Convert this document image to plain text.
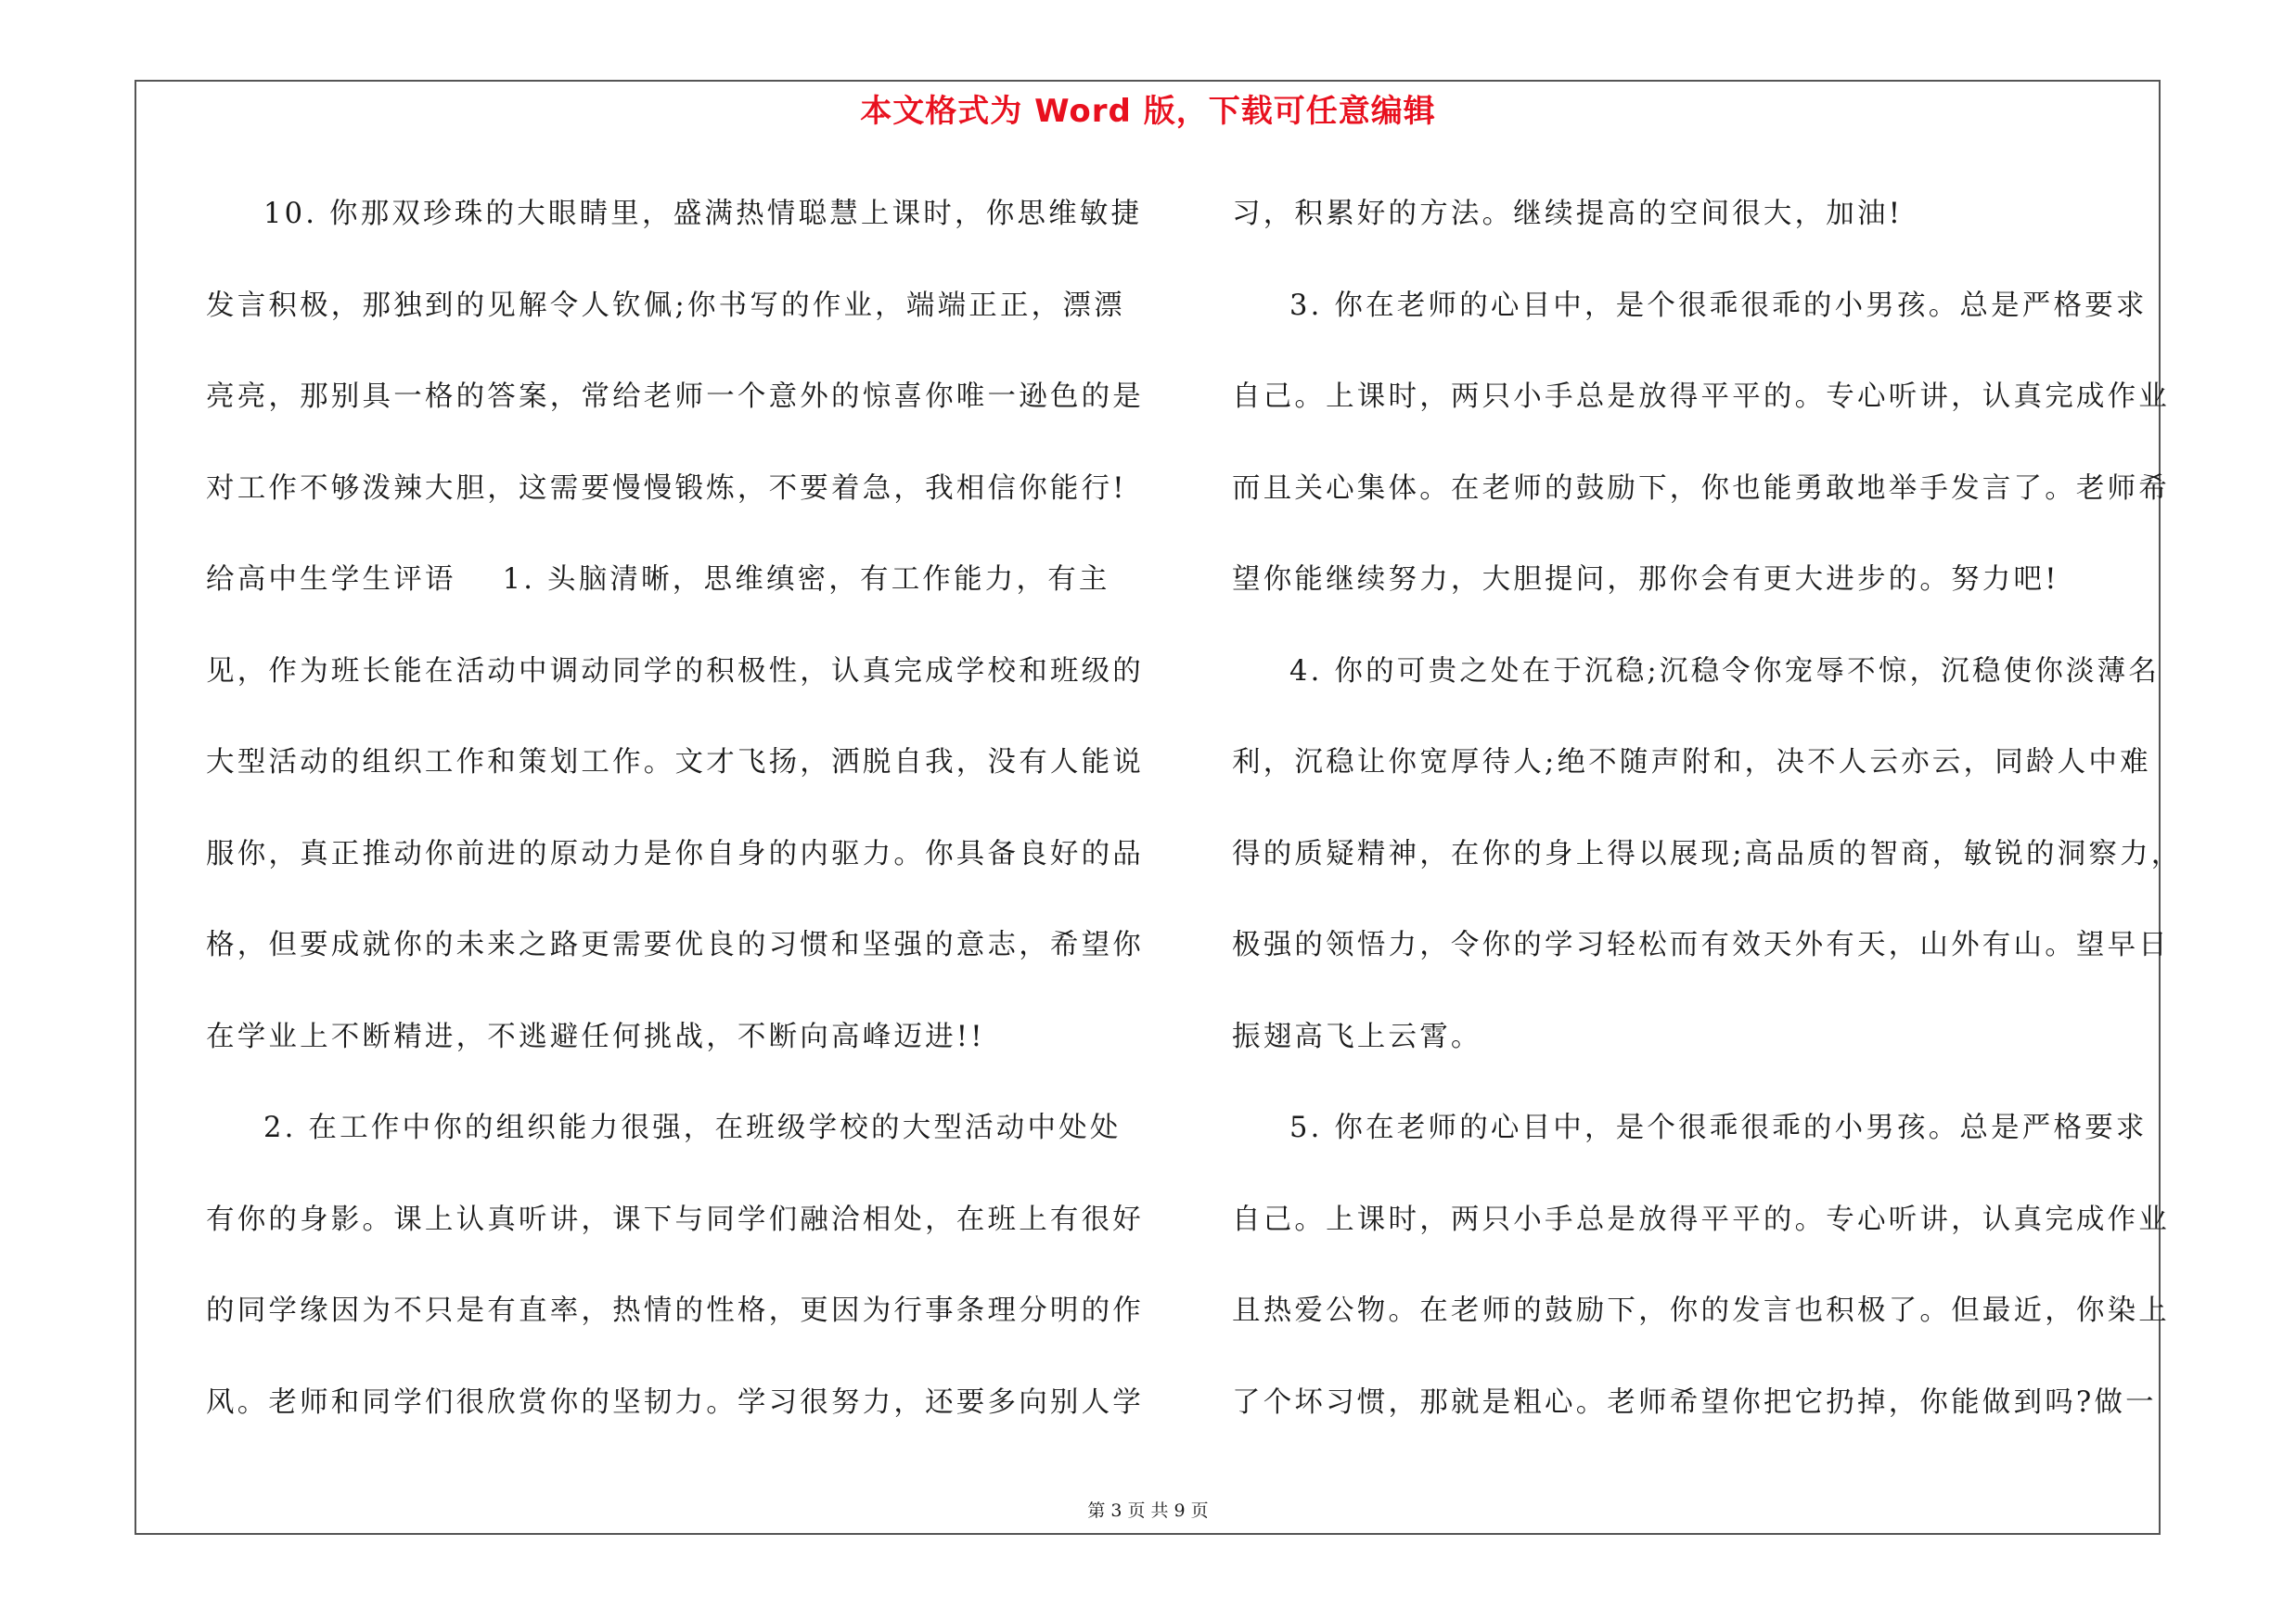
本文格式为 Word 版，下载可任意编辑
10. 你那双珍珠的大眼睛里，盛满热情聪慧上课时，你思维敏捷
发言积极，那独到的见解令人钦佩;你书写的作业，端端正正，漂漂
亮亮，那别具一格的答案，常给老师一个意外的惊喜你唯一逊色的是
对工作不够泼辣大胆，这需要慢慢锻炼，不要着急，我相信你能行!
给高中生学生评语 1. 头脑清晰，思维缜密，有工作能力，有主
见，作为班长能在活动中调动同学的积极性，认真完成学校和班级的
大型活动的组织工作和策划工作。文才飞扬，洒脱自我，没有人能说
服你，真正推动你前进的原动力是你自身的内驱力。你具备良好的品
格，但要成就你的未来之路更需要优良的习惯和坚强的意志，希望你
在学业上不断精进，不逃避任何挑战，不断向高峰迈进!!
2. 在工作中你的组织能力很强，在班级学校的大型活动中处处
有你的身影。课上认真听讲，课下与同学们融洽相处，在班上有很好
的同学缘因为不只是有直率，热情的性格，更因为行事条理分明的作
风。老师和同学们很欣赏你的坚韧力。学习很努力，还要多向别人学
习，积累好的方法。继续提高的空间很大，加油!
3. 你在老师的心目中，是个很乖很乖的小男孩。总是严格要求
自己。上课时，两只小手总是放得平平的。专心听讲，认真完成作业
而且关心集体。在老师的鼓励下，你也能勇敢地举手发言了。老师希
望你能继续努力，大胆提问，那你会有更大进步的。努力吧!
4. 你的可贵之处在于沉稳;沉稳令你宠辱不惊，沉稳使你淡薄名
利，沉稳让你宽厚待人;绝不随声附和，决不人云亦云，同龄人中难
得的质疑精神，在你的身上得以展现;高品质的智商，敏锐的洞察力，
极强的领悟力，令你的学习轻松而有效天外有天，山外有山。望早日
振翅高飞上云霄。
5. 你在老师的心目中，是个很乖很乖的小男孩。总是严格要求
自己。上课时，两只小手总是放得平平的。专心听讲，认真完成作业
且热爱公物。在老师的鼓励下，你的发言也积极了。但最近，你染上
了个坏习惯，那就是粗心。老师希望你把它扔掉，你能做到吗?做一
第 3 页 共 9 页
